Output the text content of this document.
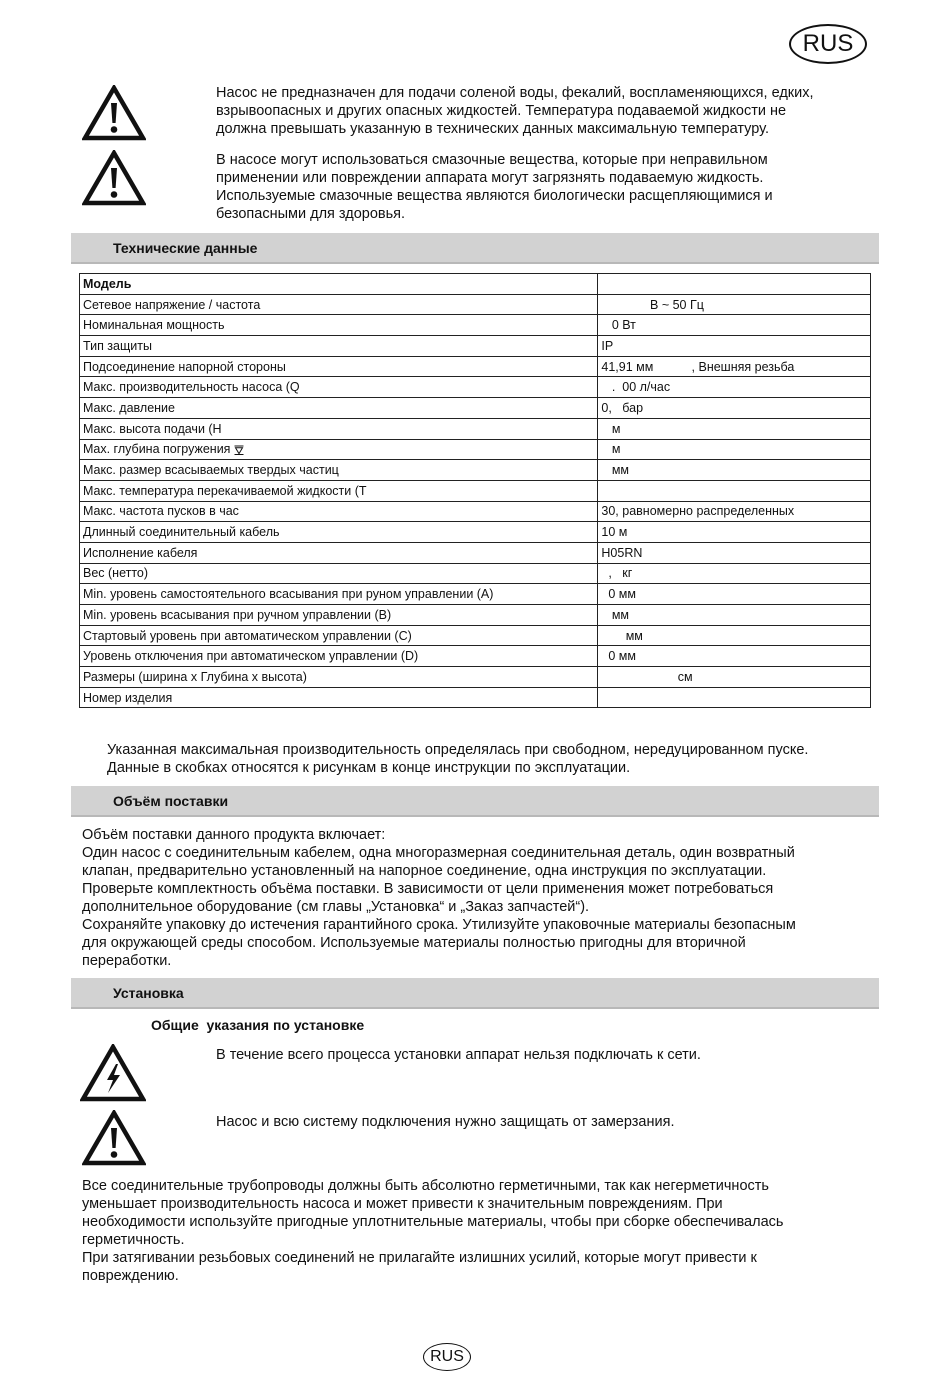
RUS
Насос не предназначен для подачи соленой воды, фекалий, воспламеняющихся, едких,
взрывоопасных и других опасных жидкостей. Температура подаваемой жидкости не
должна превышать указанную в технических данных максимальную температуру.
В насосе могут использоваться смазочные вещества, которые при неправильном
применении или повреждении аппарата могут загрязнять подаваемую жидкость.
Используемые смазочные вещества являются биологически расщепляющимися и
безопасными для здоровья.
Технические данные
Модель	
Сетевое напряжение / частота	В ~ 50 Гц
Номинальная мощность	0 Вт
Тип защиты	IP
Подсоединение напорной стороны	41,91 мм           , Внешняя резьба
Макс. производительность насоса (Q	.  00 л/час
Макс. давление	0,   бар
Макс. высота подачи (H	м
Max. глубина погружения	м
Макс. размер всасываемых твердых частиц	мм
Макс. температура перекачиваемой жидкости (T	
Макс. частота пусков в час	30, равномерно распределенных
Длинный соединительный кабель	10 м
Исполнение кабеля	H05RN
Вес (нетто)	,   кг
Min. уровень самостоятельного всасывания при руном управлении (A)	0 мм
Min. уровень всасывания при ручном управлении (B)	мм
Стартовый уровень при автоматическом управлении (C)	мм
Уровень отключения при автоматическом управлении (D)	0 мм
Размеры (ширина x Глубина x высота)	см
Номер изделия	
Указанная максимальная производительность определялась при свободном, нередуцированном пуске.
Данные в скобках относятся к рисункам в конце инструкции по эксплуатации.
Объём поставки
Объём поставки данного продукта включает:
Один насос с соединительным кабелем, одна многоразмерная соединительная деталь, один возвратный
клапан, предварительно установленный на напорное соединение, одна инструкция по эксплуатации.
Проверьте комплектность объёма поставки. В зависимости от цели применения может потребоваться
дополнительное оборудование (см главы „Установка“ и „Заказ запчастей“).
Сохраняйте упаковку до истечения гарантийного срока. Утилизуйте упаковочные материалы безопасным
для окружающей среды способом. Используемые материалы полностью пригодны для вторичной
переработки.
Установка
Общие  указания по установке
В течение всего процесса установки аппарат нельзя подключать к сети.
Насос и всю систему подключения нужно защищать от замерзания.
Все соединительные трубопроводы должны быть абсолютно герметичными, так как негерметичность
уменьшает производительность насоса и может привести к значительным повреждениям. При
необходимости используйте пригодные уплотнительные материалы, чтобы при сборке обеспечивалась
герметичность.
При затягивании резьбовых соединений не прилагайте излишних усилий, которые могут привести к
повреждению.
RUS
